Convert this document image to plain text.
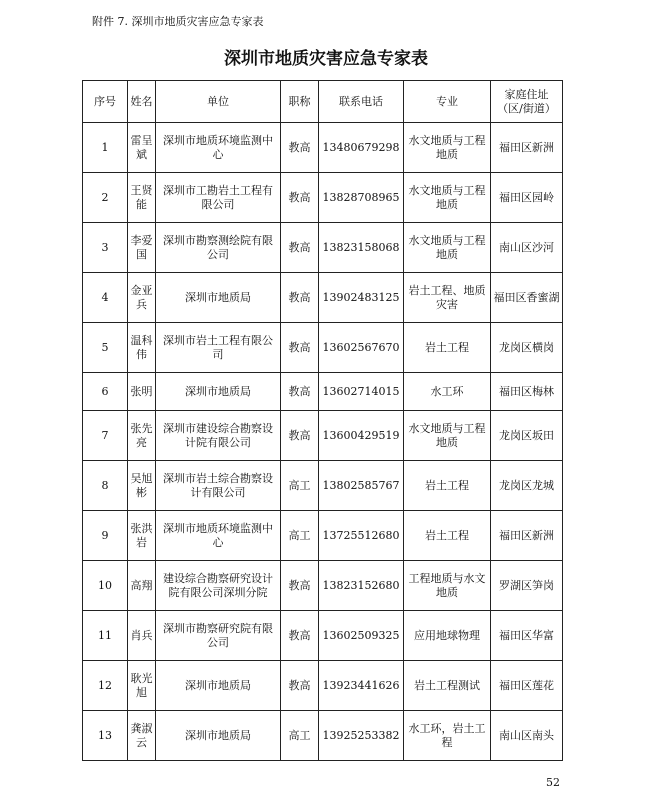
附件 7. 深圳市地质灾害应急专家表
深圳市地质灾害应急专家表
序号	姓名	单位	职称	联系电话	专业	家庭住址（区/街道）
1	雷呈斌	深圳市地质环境监测中心	教高	13480679298	水文地质与工程地质	福田区新洲
2	王贤能	深圳市工勘岩土工程有限公司	教高	13828708965	水文地质与工程地质	福田区园岭
3	李爱国	深圳市勘察测绘院有限公司	教高	13823158068	水文地质与工程地质	南山区沙河
4	金亚兵	深圳市地质局	教高	13902483125	岩土工程、地质灾害	福田区香蜜湖
5	温科伟	深圳市岩土工程有限公司	教高	13602567670	岩土工程	龙岗区横岗
6	张明	深圳市地质局	教高	13602714015	水工环	福田区梅林
7	张先亮	深圳市建设综合勘察设计院有限公司	教高	13600429519	水文地质与工程地质	龙岗区坂田
8	吴旭彬	深圳市岩土综合勘察设计有限公司	高工	13802585767	岩土工程	龙岗区龙城
9	张洪岩	深圳市地质环境监测中心	高工	13725512680	岩土工程	福田区新洲
10	高翔	建设综合勘察研究设计院有限公司深圳分院	教高	13823152680	工程地质与水文地质	罗湖区笋岗
11	肖兵	深圳市勘察研究院有限公司	教高	13602509325	应用地球物理	福田区华富
12	耿光旭	深圳市地质局	教高	13923441626	岩土工程测试	福田区莲花
13	龚淑云	深圳市地质局	高工	13925253382	水工环，岩土工程	南山区南头
52
